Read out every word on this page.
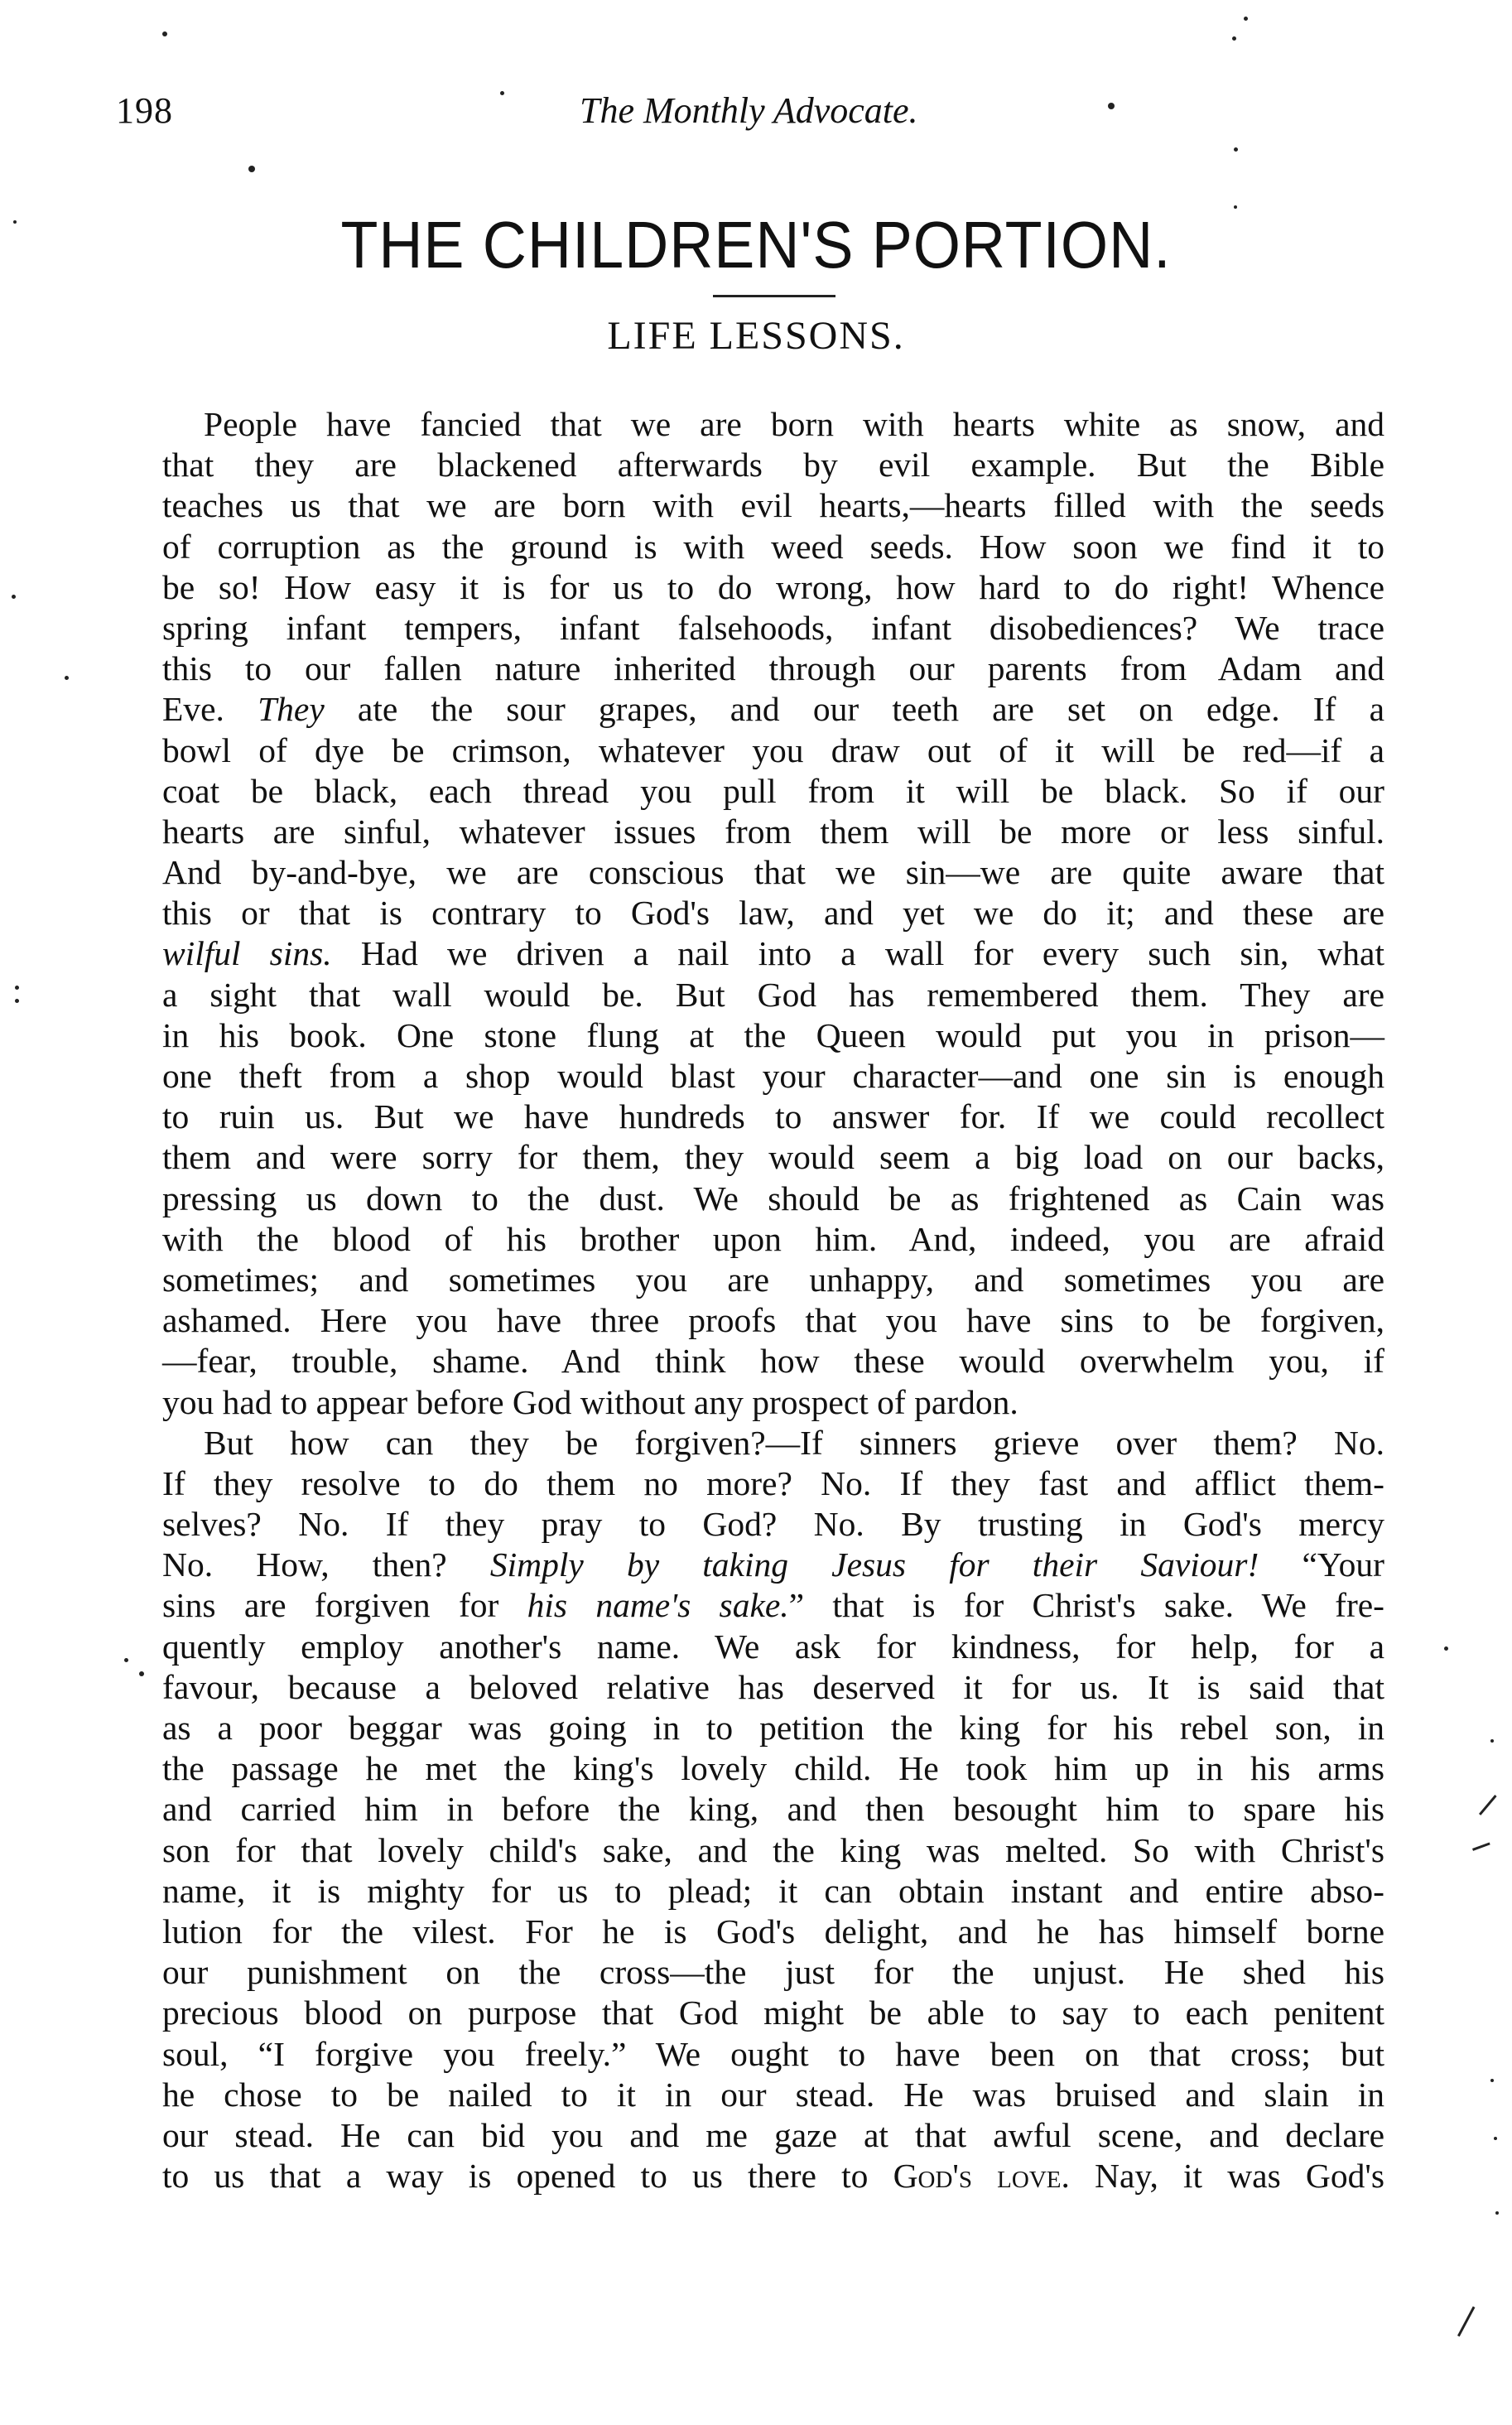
198	The Monthly Advocate.
THE CHILDREN'S PORTION.
LIFE LESSONS.
People have fancied that we are born with hearts white as snow, and
that they are blackened afterwards by evil example. But the Bible
teaches us that we are born with evil hearts,—hearts filled with the seeds
of corruption as the ground is with weed seeds. How soon we find it to
be so! How easy it is for us to do wrong, how hard to do right! Whence
spring infant tempers, infant falsehoods, infant disobediences? We trace
this to our fallen nature inherited through our parents from Adam and
Eve. They ate the sour grapes, and our teeth are set on edge. If a
bowl of dye be crimson, whatever you draw out of it will be red—if a
coat be black, each thread you pull from it will be black. So if our
hearts are sinful, whatever issues from them will be more or less sinful.
And by-and-bye, we are conscious that we sin—we are quite aware that
this or that is contrary to God's law, and yet we do it; and these are
wilful sins. Had we driven a nail into a wall for every such sin, what
a sight that wall would be. But God has remembered them. They are
in his book. One stone flung at the Queen would put you in prison—
one theft from a shop would blast your character—and one sin is enough
to ruin us. But we have hundreds to answer for. If we could recollect
them and were sorry for them, they would seem a big load on our backs,
pressing us down to the dust. We should be as frightened as Cain was
with the blood of his brother upon him. And, indeed, you are afraid
sometimes; and sometimes you are unhappy, and sometimes you are
ashamed. Here you have three proofs that you have sins to be forgiven,
—fear, trouble, shame. And think how these would overwhelm you, if
you had to appear before God without any prospect of pardon.
But how can they be forgiven?—If sinners grieve over them? No.
If they resolve to do them no more? No. If they fast and afflict them-
selves? No. If they pray to God? No. By trusting in God's mercy
No. How, then? Simply by taking Jesus for their Saviour! “Your
sins are forgiven for his name's sake.” that is for Christ's sake. We fre-
quently employ another's name. We ask for kindness, for help, for a
favour, because a beloved relative has deserved it for us. It is said that
as a poor beggar was going in to petition the king for his rebel son, in
the passage he met the king's lovely child. He took him up in his arms
and carried him in before the king, and then besought him to spare his
son for that lovely child's sake, and the king was melted. So with Christ's
name, it is mighty for us to plead; it can obtain instant and entire abso-
lution for the vilest. For he is God's delight, and he has himself borne
our punishment on the cross—the just for the unjust. He shed his
precious blood on purpose that God might be able to say to each penitent
soul, “I forgive you freely.” We ought to have been on that cross; but
he chose to be nailed to it in our stead. He was bruised and slain in
our stead. He can bid you and me gaze at that awful scene, and declare
to us that a way is opened to us there to God's love. Nay, it was God's
